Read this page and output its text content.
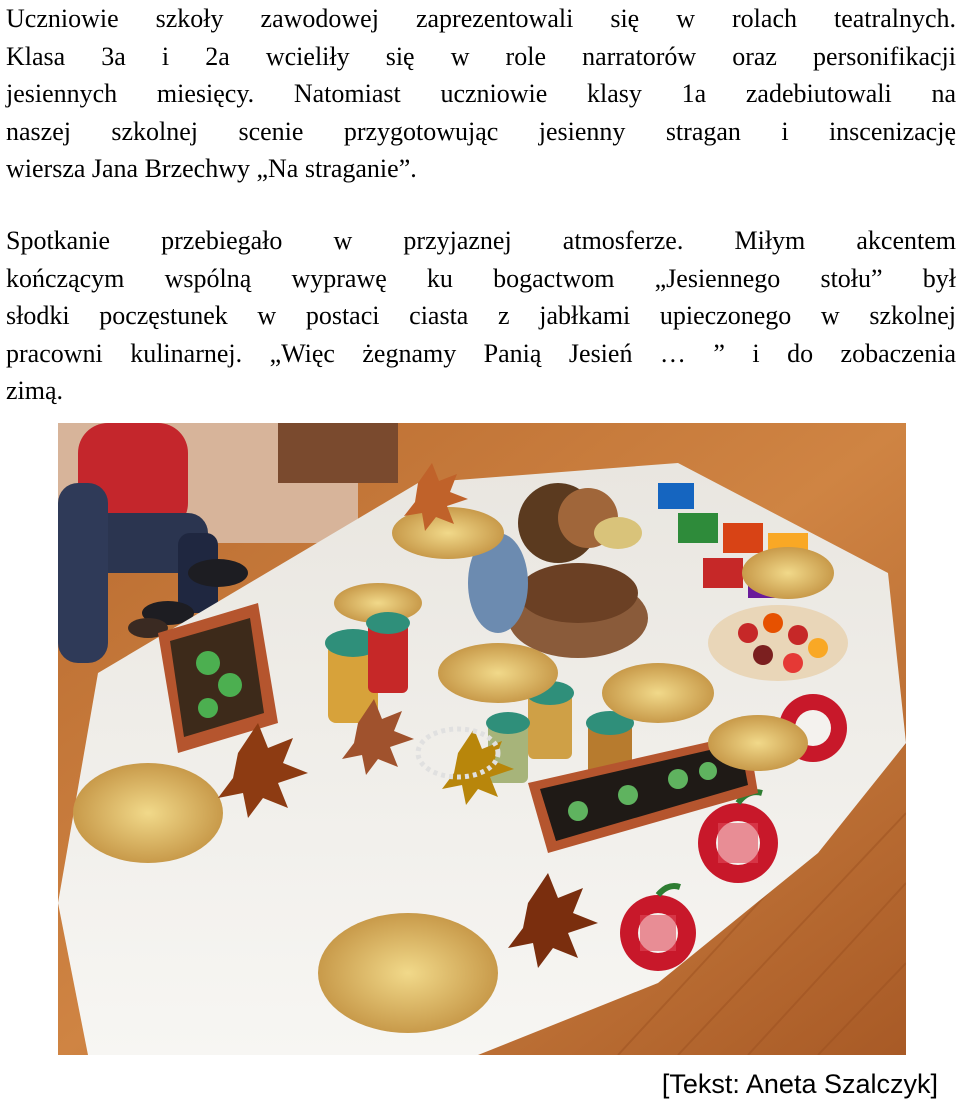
Uczniowie szkoły zawodowej zaprezentowali się w rolach teatralnych.
Klasa 3a i 2a wcieliły się w role narratorów oraz personifikacji
jesiennych miesięcy. Natomiast uczniowie klasy 1a zadebiutowali na
naszej szkolnej scenie przygotowując jesienny stragan i inscenizację
wiersza Jana Brzechwy „Na straganie”.
Spotkanie przebiegało w przyjaznej atmosferze. Miłym akcentem
kończącym wspólną wyprawę ku bogactwom „Jesiennego stołu” był
słodki poczęstunek w postaci ciasta z jabłkami upieczonego w szkolnej
pracowni kulinarnej. „Więc żegnamy Panią Jesień … ” i do zobaczenia
zimą.
[Tekst: Aneta Szalczyk]
